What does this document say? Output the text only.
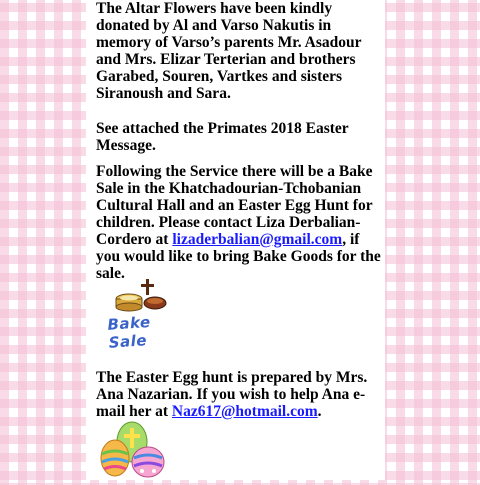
The Altar Flowers have been kindly donated by Al and Varso Nakutis in memory of Varso’s parents Mr. Asadour and Mrs. Elizar Terterian and brothers Garabed, Souren, Vartkes and sisters Siranoush and Sara.

See attached the Primates 2018 Easter Message.

Following the Service there will be a Bake Sale in the Khatchadourian-Tchobanian Cultural Hall and an Easter Egg Hunt for children. Please contact Liza Derbalian-Cordero at lizaderbalian@gmail.com, if you would like to bring Bake Goods for the sale.

The Easter Egg hunt is prepared by Mrs. Ana Nazarian. If you wish to help Ana e-mail her at Naz617@hotmail.com.

Bake Sale
